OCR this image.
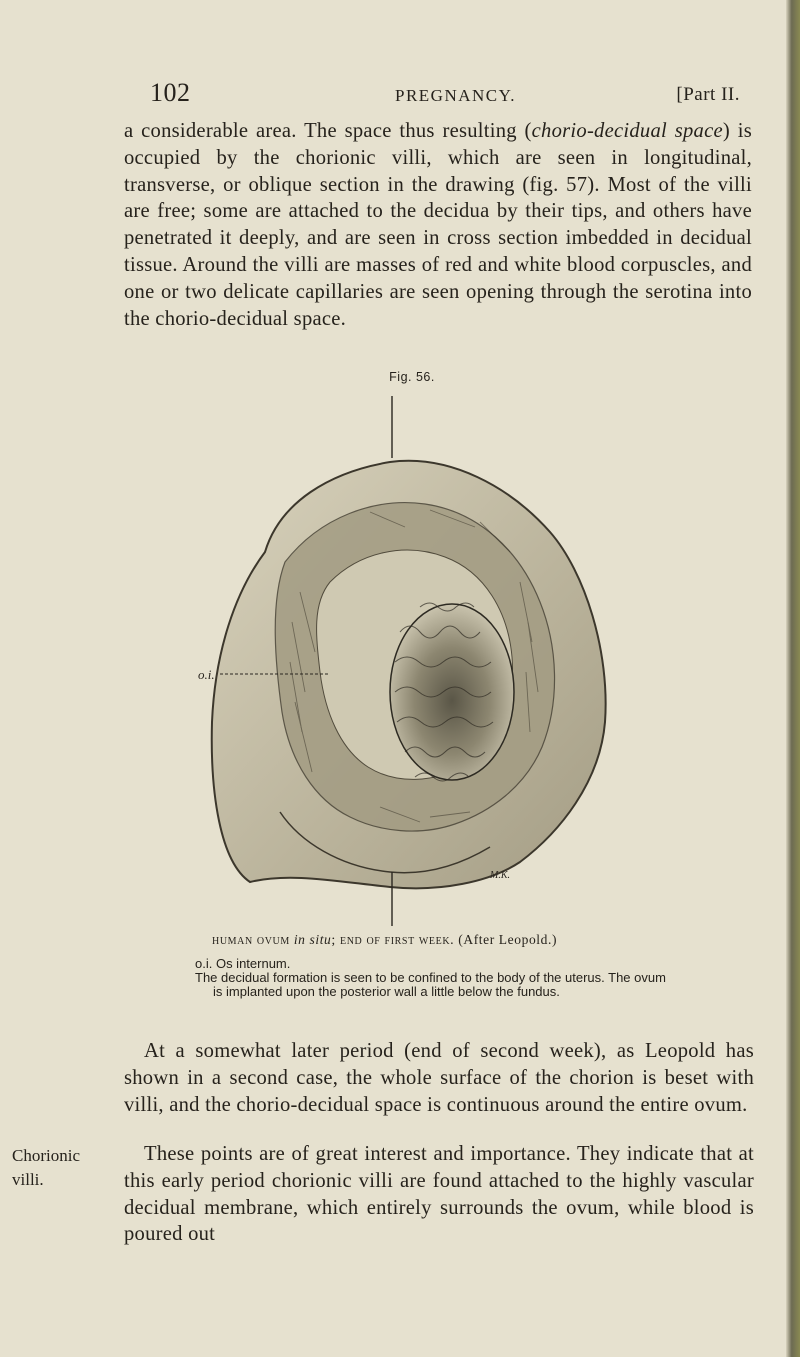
102	PREGNANCY.	[Part II.

a considerable area. The space thus resulting (chorio-decidual space) is occupied by the chorionic villi, which are seen in longitudinal, transverse, or oblique section in the drawing (fig. 57). Most of the villi are free; some are attached to the decidua by their tips, and others have penetrated it deeply, and are seen in cross section imbedded in decidual tissue. Around the villi are masses of red and white blood corpuscles, and one or two delicate capillaries are seen opening through the serotina into the chorio-decidual space.

Fig. 56.
o.i.
M.K.
human ovum in situ; end of first week. (After Leopold.)

o.i. Os internum.

The decidual formation is seen to be confined to the body of the uterus. The ovum

is implanted upon the posterior wall a little below the fundus.

At a somewhat later period (end of second week), as Leopold has shown in a second case, the whole surface of the chorion is beset with villi, and the chorio-decidual space is continuous around the entire ovum.

Chorionic
villi.

These points are of great interest and importance. They indicate that at this early period chorionic villi are found attached to the highly vascular decidual membrane, which entirely surrounds the ovum, while blood is poured out
